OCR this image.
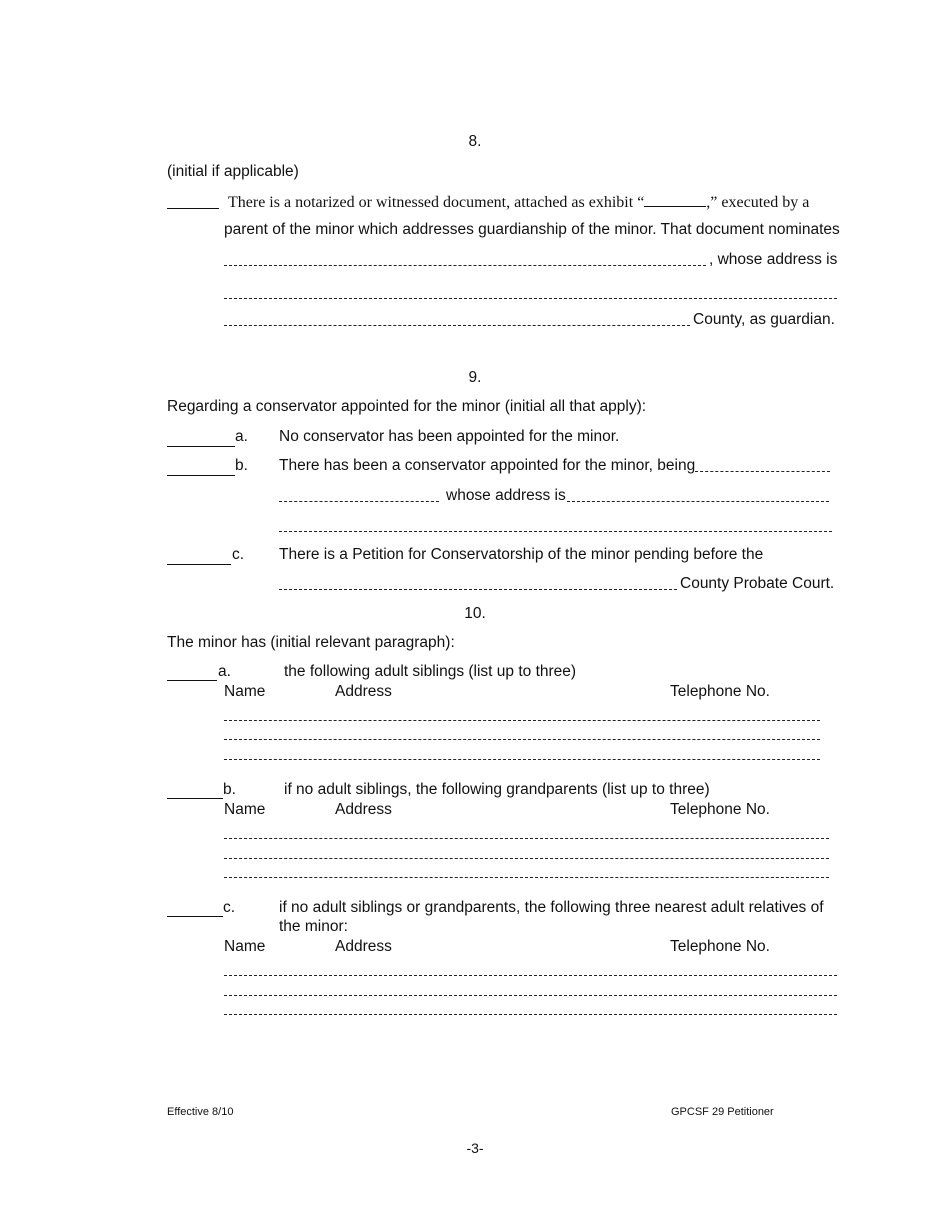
8.
(initial if applicable)
There is a notarized or witnessed document, attached as exhibit “	,” executed by a
parent of the minor which addresses guardianship of the minor. That document nominates
, whose address is
County, as guardian.
9.
Regarding a conservator appointed for the minor (initial all that apply):
a. No conservator has been appointed for the minor.
b. There has been a conservator appointed for the minor, being
whose address is
c. There is a Petition for Conservatorship of the minor pending before the
County Probate Court.
10.
The minor has (initial relevant paragraph):
a.	the following adult siblings (list up to three)
Name	Address	Telephone No.
b.	if no adult siblings, the following grandparents (list up to three)
Name	Address	Telephone No.
c.	if no adult siblings or grandparents, the following three nearest adult relatives of
the minor:
Name	Address	Telephone No.
Effective 8/10	GPCSF 29 Petitioner
-3-
